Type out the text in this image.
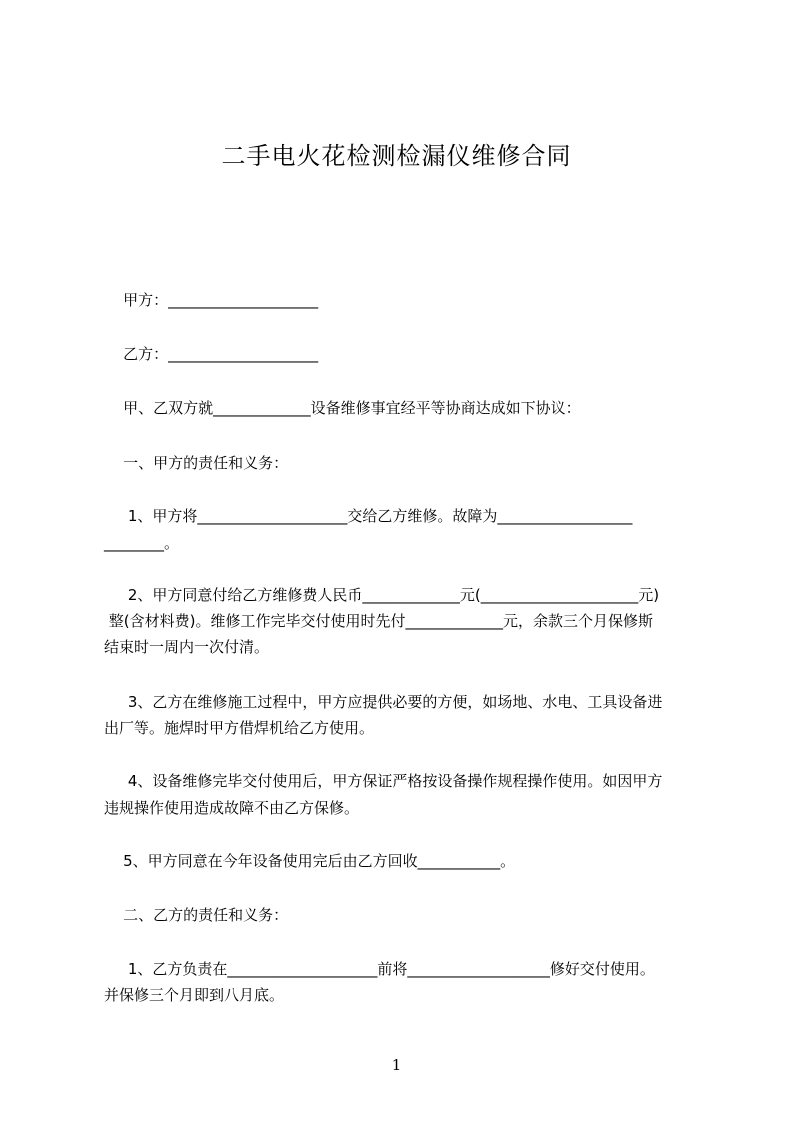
二手电火花检测检漏仪维修合同
甲方：____________________
乙方：____________________
甲、乙双方就_____________设备维修事宜经平等协商达成如下协议：
一、甲方的责任和义务：
1、甲方将____________________交给乙方维修。故障为__________________
________。
2、甲方同意付给乙方维修费人民币_____________元(_____________________元)
整(含材料费)。维修工作完毕交付使用时先付_____________元，余款三个月保修斯
结束时一周内一次付清。
3、乙方在维修施工过程中，甲方应提供必要的方便，如场地、水电、工具设备进
出厂等。施焊时甲方借焊机给乙方使用。
4、设备维修完毕交付使用后，甲方保证严格按设备操作规程操作使用。如因甲方
违规操作使用造成故障不由乙方保修。
5、甲方同意在今年设备使用完后由乙方回收___________。
二、乙方的责任和义务：
1、乙方负责在____________________前将___________________修好交付使用。
并保修三个月即到八月底。
1
